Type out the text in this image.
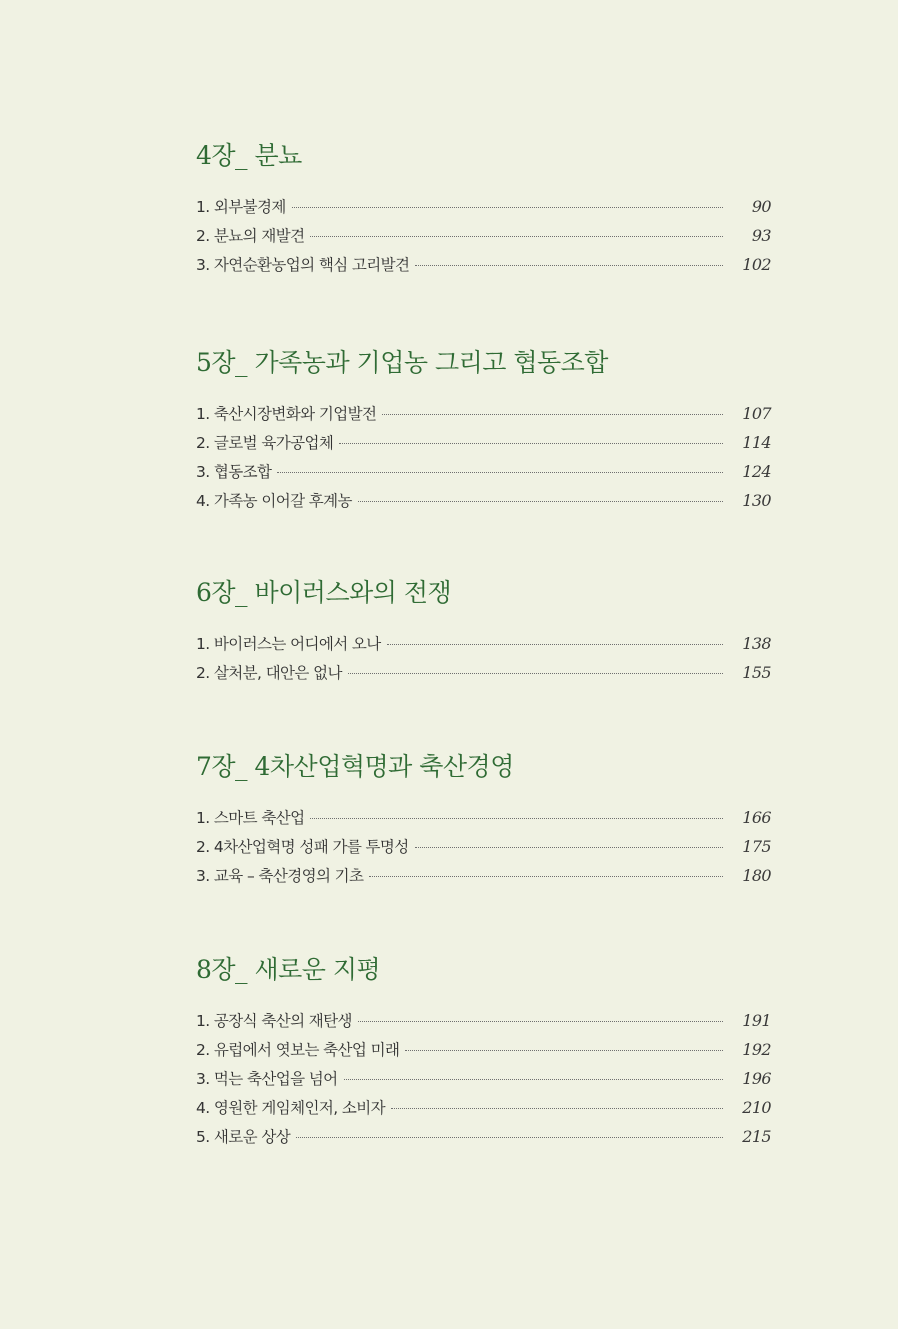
4장_ 분뇨
1. 외부불경제	90
2. 분뇨의 재발견	93
3. 자연순환농업의 핵심 고리발견	102
5장_ 가족농과 기업농 그리고 협동조합
1. 축산시장변화와 기업발전	107
2. 글로벌 육가공업체	114
3. 협동조합	124
4. 가족농 이어갈 후계농	130
6장_ 바이러스와의 전쟁
1. 바이러스는 어디에서 오나	138
2. 살처분, 대안은 없나	155
7장_ 4차산업혁명과 축산경영
1. 스마트 축산업	166
2. 4차산업혁명 성패 가를 투명성	175
3. 교육 – 축산경영의 기초	180
8장_ 새로운 지평
1. 공장식 축산의 재탄생	191
2. 유럽에서 엿보는 축산업 미래	192
3. 먹는 축산업을 넘어	196
4. 영원한 게임체인저, 소비자	210
5. 새로운 상상	215
